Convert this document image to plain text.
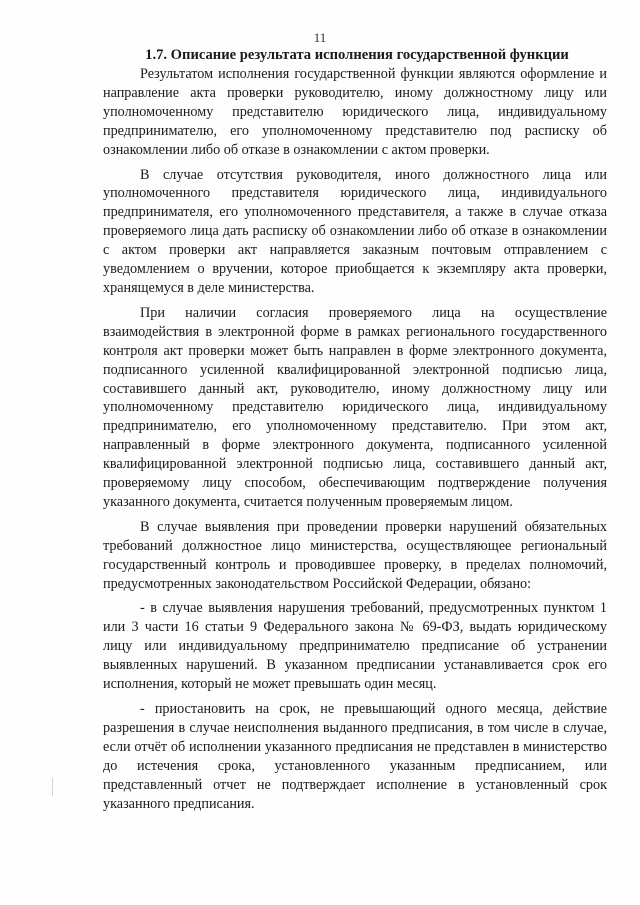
11
1.7. Описание результата исполнения государственной функции

Результатом исполнения государственной функции являются оформление и направление акта проверки руководителю, иному должностному лицу или уполномоченному представителю юридического лица, индивидуальному предпринимателю, его уполномоченному представителю под расписку об ознакомлении либо об отказе в ознакомлении с актом проверки.

В случае отсутствия руководителя, иного должностного лица или уполномоченного представителя юридического лица, индивидуального предпринимателя, его уполномоченного представителя, а также в случае отказа проверяемого лица дать расписку об ознакомлении либо об отказе в ознакомлении с актом проверки акт направляется заказным почтовым отправлением с уведомлением о вручении, которое приобщается к экземпляру акта проверки, хранящемуся в деле министерства.

При наличии согласия проверяемого лица на осуществление взаимодействия в электронной форме в рамках регионального государственного контроля акт проверки может быть направлен в форме электронного документа, подписанного усиленной квалифицированной электронной подписью лица, составившего данный акт, руководителю, иному должностному лицу или уполномоченному представителю юридического лица, индивидуальному предпринимателю, его уполномоченному представителю. При этом акт, направленный в форме электронного документа, подписанного усиленной квалифицированной электронной подписью лица, составившего данный акт, проверяемому лицу способом, обеспечивающим подтверждение получения указанного документа, считается полученным проверяемым лицом.

В случае выявления при проведении проверки нарушений обязательных требований должностное лицо министерства, осуществляющее региональный государственный контроль и проводившее проверку, в пределах полномочий, предусмотренных законодательством Российской Федерации, обязано:

- в случае выявления нарушения требований, предусмотренных пунктом 1 или 3 части 16 статьи 9 Федерального закона № 69-ФЗ, выдать юридическому лицу или индивидуальному предпринимателю предписание об устранении выявленных нарушений. В указанном предписании устанавливается срок его исполнения, который не может превышать один месяц.

- приостановить на срок, не превышающий одного месяца, действие разрешения в случае неисполнения выданного предписания, в том числе в случае, если отчёт об исполнении указанного предписания не представлен в министерство до истечения срока, установленного указанным предписанием, или представленный отчет не подтверждает исполнение в установленный срок указанного предписания.
